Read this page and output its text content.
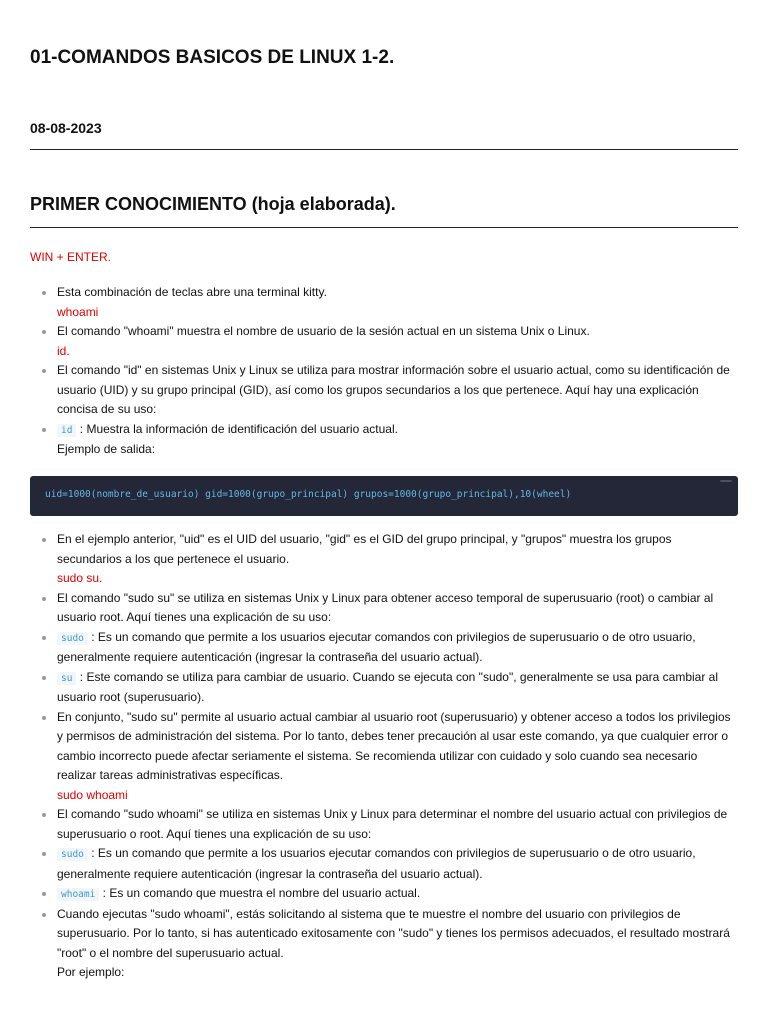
01-COMANDOS BASICOS DE LINUX 1-2.

08-08-2023

PRIMER CONOCIMIENTO (hoja elaborada).

WIN + ENTER.

Esta combinación de teclas abre una terminal kitty.
whoami
El comando "whoami" muestra el nombre de usuario de la sesión actual en un sistema Unix o Linux.
id.
El comando "id" en sistemas Unix y Linux se utiliza para mostrar información sobre el usuario actual, como su identificación de usuario (UID) y su grupo principal (GID), así como los grupos secundarios a los que pertenece. Aquí hay una explicación concisa de su uso:
id : Muestra la información de identificación del usuario actual.
Ejemplo de salida:
uid=1000(nombre_de_usuario) gid=1000(grupo_principal) grupos=1000(grupo_principal),10(wheel)
En el ejemplo anterior, "uid" es el UID del usuario, "gid" es el GID del grupo principal, y "grupos" muestra los grupos secundarios a los que pertenece el usuario.
sudo su.
El comando "sudo su" se utiliza en sistemas Unix y Linux para obtener acceso temporal de superusuario (root) o cambiar al usuario root. Aquí tienes una explicación de su uso:
sudo : Es un comando que permite a los usuarios ejecutar comandos con privilegios de superusuario o de otro usuario, generalmente requiere autenticación (ingresar la contraseña del usuario actual).
su : Este comando se utiliza para cambiar de usuario. Cuando se ejecuta con "sudo", generalmente se usa para cambiar al usuario root (superusuario).
En conjunto, "sudo su" permite al usuario actual cambiar al usuario root (superusuario) y obtener acceso a todos los privilegios y permisos de administración del sistema. Por lo tanto, debes tener precaución al usar este comando, ya que cualquier error o cambio incorrecto puede afectar seriamente el sistema. Se recomienda utilizar con cuidado y solo cuando sea necesario realizar tareas administrativas específicas.
sudo whoami
El comando "sudo whoami" se utiliza en sistemas Unix y Linux para determinar el nombre del usuario actual con privilegios de superusuario o root. Aquí tienes una explicación de su uso:
sudo : Es un comando que permite a los usuarios ejecutar comandos con privilegios de superusuario o de otro usuario, generalmente requiere autenticación (ingresar la contraseña del usuario actual).
whoami : Es un comando que muestra el nombre del usuario actual.
Cuando ejecutas "sudo whoami", estás solicitando al sistema que te muestre el nombre del usuario con privilegios de superusuario. Por lo tanto, si has autenticado exitosamente con "sudo" y tienes los permisos adecuados, el resultado mostrará "root" o el nombre del superusuario actual.
Por ejemplo:
